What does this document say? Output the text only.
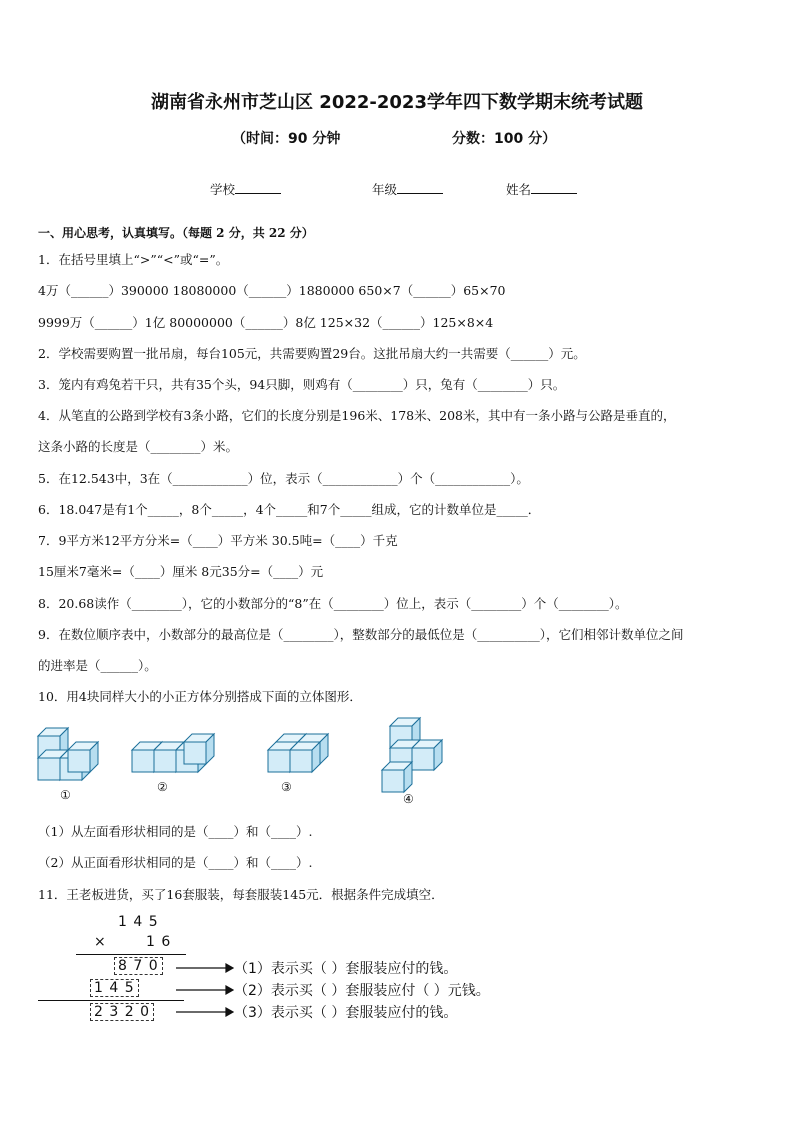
湖南省永州市芝山区 2022-2023学年四下数学期末统考试题
（时间：90 分钟	分数：100 分）
学校	年级	姓名
一、用心思考，认真填写。（每题 2 分，共 22 分）
1．在括号里填上“>”“<”或“=”。
4万（______）390000 18080000（______）1880000 650×7（______）65×70
9999万（______）1亿 80000000（______）8亿 125×32（______）125×8×4
2．学校需要购置一批吊扇，每台105元，共需要购置29台。这批吊扇大约一共需要（______）元。
3．笼内有鸡兔若干只，共有35个头，94只脚，则鸡有（________）只，兔有（________）只。
4．从笔直的公路到学校有3条小路，它们的长度分别是196米、178米、208米，其中有一条小路与公路是垂直的，
这条小路的长度是（________）米。
5．在12.543中，3在（____________）位，表示（____________）个（____________）。
6．18.047是有1个_____，8个_____，4个_____和7个_____组成，它的计数单位是_____．
7．9平方米12平方分米=（____）平方米 30.5吨=（____）千克
15厘米7毫米=（____）厘米 8元35分=（____）元
8．20.68读作（________），它的小数部分的“8”在（________）位上，表示（________）个（________）。
9．在数位顺序表中，小数部分的最高位是（________），整数部分的最低位是（__________），它们相邻计数单位之间
的进率是（______）。
10．用4块同样大小的小正方体分别搭成下面的立体图形．
①
②	③
④
（1）从左面看形状相同的是（____）和（____）.
（2）从正面看形状相同的是（____）和（____）.
11．王老板进货，买了16套服装，每套服装145元．根据条件完成填空．
1 4 5
×	1 6
8 7 0
1 4 5
2 3 2 0
（1）表示买（ ）套服装应付的钱。
（2）表示买（ ）套服装应付（ ）元钱。
（3）表示买（ ）套服装应付的钱。
